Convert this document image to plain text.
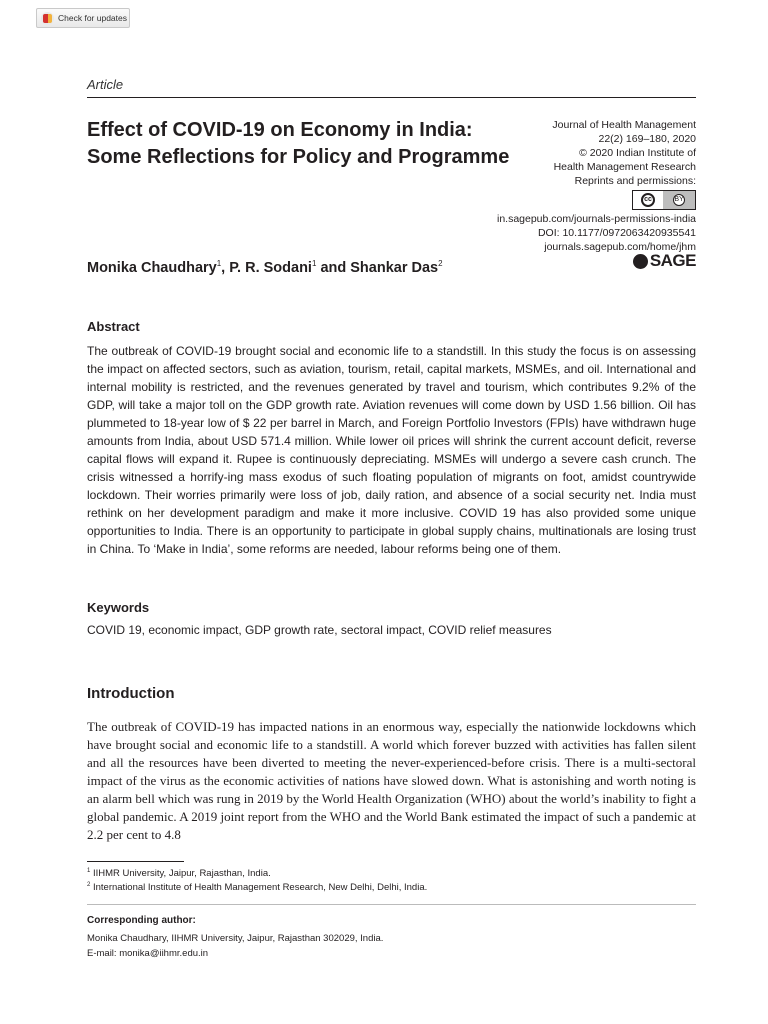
Check for updates
Article
Effect of COVID-19 on Economy in India: Some Reflections for Policy and Programme
Journal of Health Management
22(2) 169–180, 2020
© 2020 Indian Institute of
Health Management Research
Reprints and permissions:
cc	BY
in.sagepub.com/journals-permissions-india
DOI: 10.1177/0972063420935541
journals.sagepub.com/home/jhm
SAGE
Monika Chaudhary$^1$, P. R. Sodani$^1$ and Shankar Das$^2$
Abstract
The outbreak of COVID-19 brought social and economic life to a standstill. In this study the focus is on assessing the impact on affected sectors, such as aviation, tourism, retail, capital markets, MSMEs, and oil. International and internal mobility is restricted, and the revenues generated by travel and tourism, which contributes 9.2% of the GDP, will take a major toll on the GDP growth rate. Aviation revenues will come down by USD 1.56 billion. Oil has plummeted to 18-year low of $ 22 per barrel in March, and Foreign Portfolio Investors (FPIs) have withdrawn huge amounts from India, about USD 571.4 million. While lower oil prices will shrink the current account deficit, reverse capital flows will expand it. Rupee is continuously depreciating. MSMEs will undergo a severe cash crunch. The crisis witnessed a horrify-ing mass exodus of such floating population of migrants on foot, amidst countrywide lockdown. Their worries primarily were loss of job, daily ration, and absence of a social security net. India must rethink on her development paradigm and make it more inclusive. COVID 19 has also provided some unique opportunities to India. There is an opportunity to participate in global supply chains, multinationals are losing trust in China. To ‘Make in India’, some reforms are needed, labour reforms being one of them.
Keywords
COVID 19, economic impact, GDP growth rate, sectoral impact, COVID relief measures
Introduction
The outbreak of COVID-19 has impacted nations in an enormous way, especially the nationwide lockdowns which have brought social and economic life to a standstill. A world which forever buzzed with activities has fallen silent and all the resources have been diverted to meeting the never-experienced-before crisis. There is a multi-sectoral impact of the virus as the economic activities of nations have slowed down. What is astonishing and worth noting is an alarm bell which was rung in 2019 by the World Health Organization (WHO) about the world’s inability to fight a global pandemic. A 2019 joint report from the WHO and the World Bank estimated the impact of such a pandemic at 2.2 per cent to 4.8
$^1$ IIHMR University, Jaipur, Rajasthan, India.
$^2$ International Institute of Health Management Research, New Delhi, Delhi, India.
Corresponding author:
Monika Chaudhary, IIHMR University, Jaipur, Rajasthan 302029, India.
E-mail: monika@iihmr.edu.in
